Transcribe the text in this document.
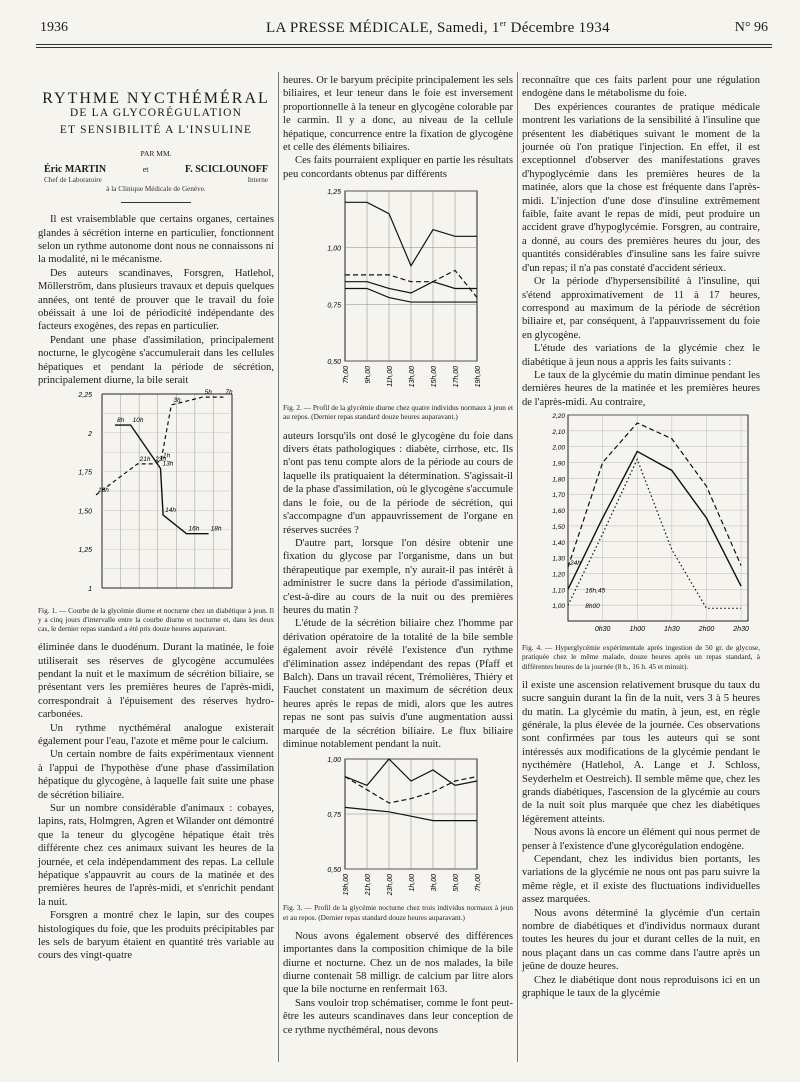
1936	LA PRESSE MÉDICALE, Samedi, 1er Décembre 1934	N° 96
RYTHME NYCTHÉMÉRAL
DE LA GLYCORÉGULATION
ET SENSIBILITÉ A L'INSULINE
PAR MM.
Éric MARTIN	et	F. SCICLOUNOFF
Chef de Laboratoire	Interne
à la Clinique Médicale de Genève.

Il est vraisemblable que certains organes, certaines glandes à sécrétion interne en particulier, fonctionnent selon un rythme autonome dont nous ne connaissons ni la modalité, ni le mécanisme.

Des auteurs scandinaves, Forsgren, Hatlehol, Möllerström, dans plusieurs travaux et depuis quelques années, ont tenté de prouver que le travail du foie obéissait à une loi de périodicité indépendante des facteurs exogènes, des repas en particulier.

Pendant une phase d'assimilation, principalement nocturne, le glycogène s'accumulerait dans les cellules hépatiques et pendant la période de sécrétion, principalement diurne, la bile serait

2,25
2
1,75
1,50
1,25
1
8h 10h
13h
14h
16h 18h
18h
21h 23h
1h
3h
5h 7h
Fig. 1. — Courbe de la glycémie diurne et nocturne chez un diabétique à jeun. Il y a cinq jours d'intervalle entre la courbe diurne et nocturne et, dans les deux cas, le dernier repas standard a été pris douze heures auparavant.

éliminée dans le duodénum. Durant la matinée, le foie utiliserait ses réserves de glycogène accumulées pendant la nuit et le maximum de sécrétion biliaire, se présentant vers les premières heures de l'après-midi, correspondrait à l'épuisement des réserves hydro-carbonées.

Un rythme nycthéméral analogue existerait également pour l'eau, l'azote et même pour le calcium.

Un certain nombre de faits expérimentaux viennent à l'appui de l'hypothèse d'une phase d'assimilation hépatique du glycogène, à laquelle fait suite une phase de sécrétion biliaire.

Sur un nombre considérable d'animaux : cobayes, lapins, rats, Holmgren, Agren et Wilander ont démontré que la teneur du glycogène hépatique était très différente chez ces animaux suivant les heures de la journée, et cela indépendamment des repas. La cellule hépatique s'appauvrit au cours de la matinée et des premières heures de l'après-midi, et s'enrichit pendant la nuit.

Forsgren a montré chez le lapin, sur des coupes histologiques du foie, que les produits précipitables par les sels de baryum étaient en quantité très variable au cours des vingt-quatre

heures. Or le baryum précipite principalement les sels biliaires, et leur teneur dans le foie est inversement proportionnelle à la teneur en glycogène colorable par le carmin. Il y a donc, au niveau de la cellule hépatique, concurrence entre la fixation de glycogène et celle des éléments biliaires.

Ces faits pourraient expliquer en partie les résultats peu concordants obtenus par différents

1,25
1,00
0,75
0,50
7h,00 9h,00 11h,00 13h,00 15h,00 17h,00 19h,00
Fig. 2. — Profil de la glycémie diurne chez quatre individus normaux à jeun et au repos. (Dernier repas standard douze heures auparavant.)

auteurs lorsqu'ils ont dosé le glycogène du foie dans divers états pathologiques : diabète, cirrhose, etc. Ils n'ont pas tenu compte alors de la période au cours de laquelle ils pratiquaient la détermination. S'agissait-il de la phase d'assimilation, où le glycogène s'accumule dans le foie, ou de la période de sécrétion, qui s'accompagne d'un appauvrissement de l'organe en réserves sucrées ?

D'autre part, lorsque l'on désire obtenir une fixation du glycose par l'organisme, dans un but thérapeutique par exemple, n'y aurait-il pas intérêt à administrer le sucre dans la période d'assimilation, c'est-à-dire au cours de la nuit ou des premières heures du matin ?

L'étude de la sécrétion biliaire chez l'homme par dérivation opératoire de la totalité de la bile semble également avoir révélé l'existence d'un rythme d'élimination assez indépendant des repas (Pfaff et Balch). Dans un travail récent, Trémolières, Thiéry et Fauchet constatent un maximum de sécrétion deux heures après le repas de midi, alors que les autres repas ne sont pas suivis d'une augmentation aussi marquée de la sécrétion biliaire. Le flux biliaire diminue notablement pendant la nuit.

1,00
0,75
0,50
19h,00 21h,00 23h,00 1h,00 3h,00 5h,00 7h,00
Fig. 3. — Profil de la glycémie nocturne chez trois individus normaux à jeun et au repos. (Dernier repas standard douze heures auparavant.)

Nous avons également observé des différences importantes dans la composition chimique de la bile diurne et nocturne. Chez un de nos malades, la bile diurne contenait 58 milligr. de calcium par litre alors que la bile nocturne en renfermait 163.

Sans vouloir trop schématiser, comme le font peut-être les auteurs scandinaves dans leur conception de ce rythme nycthéméral, nous devons

reconnaître que ces faits parlent pour une régulation endogène dans le métabolisme du foie.

Des expériences courantes de pratique médicale montrent les variations de la sensibilité à l'insuline que présentent les diabétiques suivant le moment de la journée où l'on pratique l'injection. En effet, il est exceptionnel d'observer des manifestations graves d'hypoglycémie dans les premières heures de la matinée, alors que la chose est fréquente dans l'après-midi. L'injection d'une dose d'insuline extrêmement faible, faite avant le repas de midi, peut produire un accident grave d'hypoglycémie. Forsgren, au contraire, a donné, au cours des premières heures du jour, des quantités considérables d'insuline sans les faire suivre d'un repas; il n'a pas constaté d'accident sérieux.

Or la période d'hypersensibilité à l'insuline, qui s'étend approximativement de 11 à 17 heures, correspond au maximum de la période de sécrétion biliaire et, par conséquent, à l'appauvrissement du foie en glycogène.

L'étude des variations de la glycémie chez le diabétique à jeun nous a appris les faits suivants :

Le taux de la glycémie du matin diminue pendant les dernières heures de la matinée et les premières heures de l'après-midi. Au contraire,

2,20
2,10
2,00
1,90
1,80
1,70
1,60
1,50
1,40
1,30
1,20
1,10
1,00
0h30	1h00	1h30	2h00	2h30
24h
16h,45
8h00
Fig. 4. — Hyperglycémie expérimentale après ingestion de 50 gr. de glycose, pratiquée chez le même malade, douze heures après un repas standard, à différentes heures de la journée (8 h., 16 h. 45 et minuit).

il existe une ascension relativement brusque du taux du sucre sanguin durant la fin de la nuit, vers 3 à 5 heures du matin. La glycémie du matin, à jeun, est, en règle générale, la plus élevée de la journée. Ces observations sont confirmées par tous les auteurs qui se sont intéressés aux modifications de la glycémie pendant le nycthémère (Hatlehol, A. Lange et J. Schloss, Seyderhelm et Oestreich). Il semble même que, chez les grands diabétiques, l'ascension de la glycémie au cours de la nuit soit plus marquée que chez les diabétiques légèrement atteints.

Nous avons là encore un élément qui nous permet de penser à l'existence d'une glycorégulation endogène.

Cependant, chez les individus bien portants, les variations de la glycémie ne nous ont pas paru suivre la même règle, et il existe des fluctuations individuelles assez marquées.

Nous avons déterminé la glycémie d'un certain nombre de diabétiques et d'individus normaux durant toutes les heures du jour et durant celles de la nuit, en nous plaçant dans un cas comme dans l'autre après un jeûne de douze heures.

Chez le diabétique dont nous reproduisons ici en un graphique le taux de la glycémie
